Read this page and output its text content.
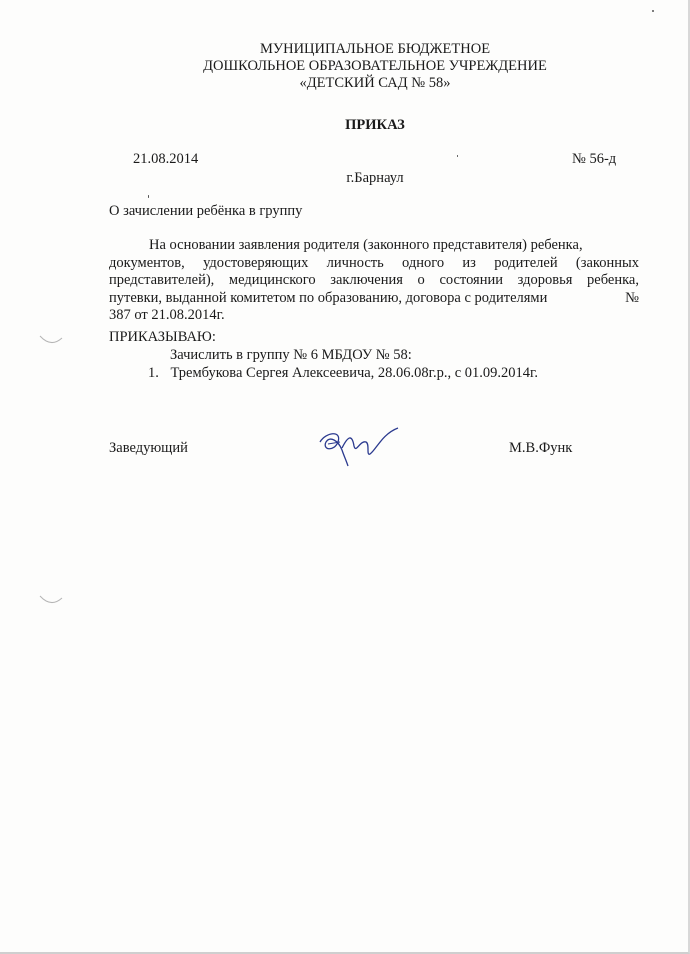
МУНИЦИПАЛЬНОЕ БЮДЖЕТНОЕ
ДОШКОЛЬНОЕ ОБРАЗОВАТЕЛЬНОЕ УЧРЕЖДЕНИЕ
«ДЕТСКИЙ САД № 58»
ПРИКАЗ
21.08.2014	№ 56-д
г.Барнаул
О зачислении ребёнка в группу
На основании заявления родителя (законного представителя) ребенка,
документов, удостоверяющих личность одного из родителей (законных
представителей), медицинского заключения о состоянии здоровья ребенка,
путевки, выданной комитетом по образованию, договора с родителями	№
387 от 21.08.2014г.
ПРИКАЗЫВАЮ:
Зачислить в группу № 6 МБДОУ № 58:
1. Трембукова Сергея Алексеевича, 28.06.08г.р., с 01.09.2014г.
Заведующий	М.В.Функ
